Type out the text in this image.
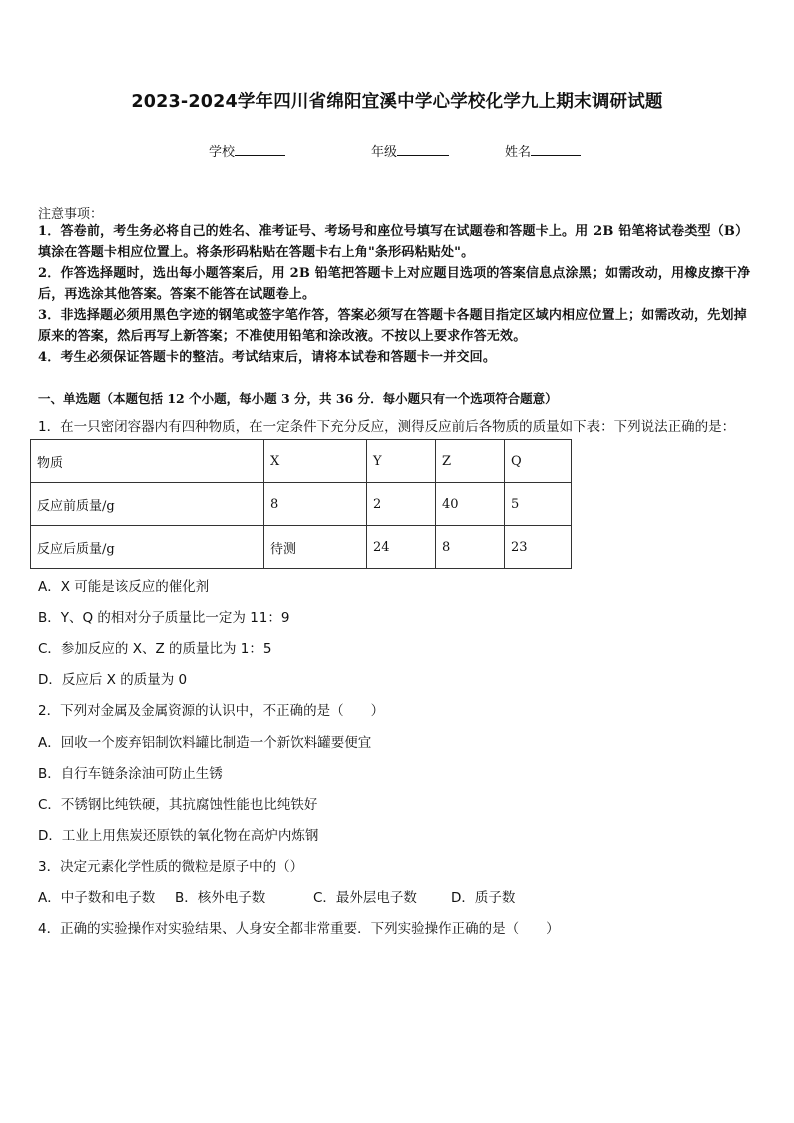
2023-2024学年四川省绵阳宜溪中学心学校化学九上期末调研试题
学校	年级	姓名
注意事项：
1．答卷前，考生务必将自己的姓名、准考证号、考场号和座位号填写在试题卷和答题卡上。用 2B 铅笔将试卷类型（B）填涂在答题卡相应位置上。将条形码粘贴在答题卡右上角"条形码粘贴处"。
2．作答选择题时，选出每小题答案后，用 2B 铅笔把答题卡上对应题目选项的答案信息点涂黑；如需改动，用橡皮擦干净后，再选涂其他答案。答案不能答在试题卷上。
3．非选择题必须用黑色字迹的钢笔或签字笔作答，答案必须写在答题卡各题目指定区域内相应位置上；如需改动，先划掉原来的答案，然后再写上新答案；不准使用铅笔和涂改液。不按以上要求作答无效。
4．考生必须保证答题卡的整洁。考试结束后，请将本试卷和答题卡一并交回。
一、单选题（本题包括 12 个小题，每小题 3 分，共 36 分．每小题只有一个选项符合题意）
1．在一只密闭容器内有四种物质，在一定条件下充分反应，测得反应前后各物质的质量如下表：下列说法正确的是：
物质	X	Y	Z	Q
反应前质量/g	8	2	40	5
反应后质量/g	待测	24	8	23
A．X 可能是该反应的催化剂
B．Y、Q 的相对分子质量比一定为 11：9
C．参加反应的 X、Z 的质量比为 1：5
D．反应后 X 的质量为 0
2．下列对金属及金属资源的认识中，不正确的是（　　）
A．回收一个废弃铝制饮料罐比制造一个新饮料罐要便宜
B．自行车链条涂油可防止生锈
C．不锈钢比纯铁硬，其抗腐蚀性能也比纯铁好
D．工业上用焦炭还原铁的氧化物在高炉内炼钢
3．决定元素化学性质的微粒是原子中的（）
A．中子数和电子数 B．核外电子数	C．最外层电子数	D．质子数
4．正确的实验操作对实验结果、人身安全都非常重要．下列实验操作正确的是（　　）
